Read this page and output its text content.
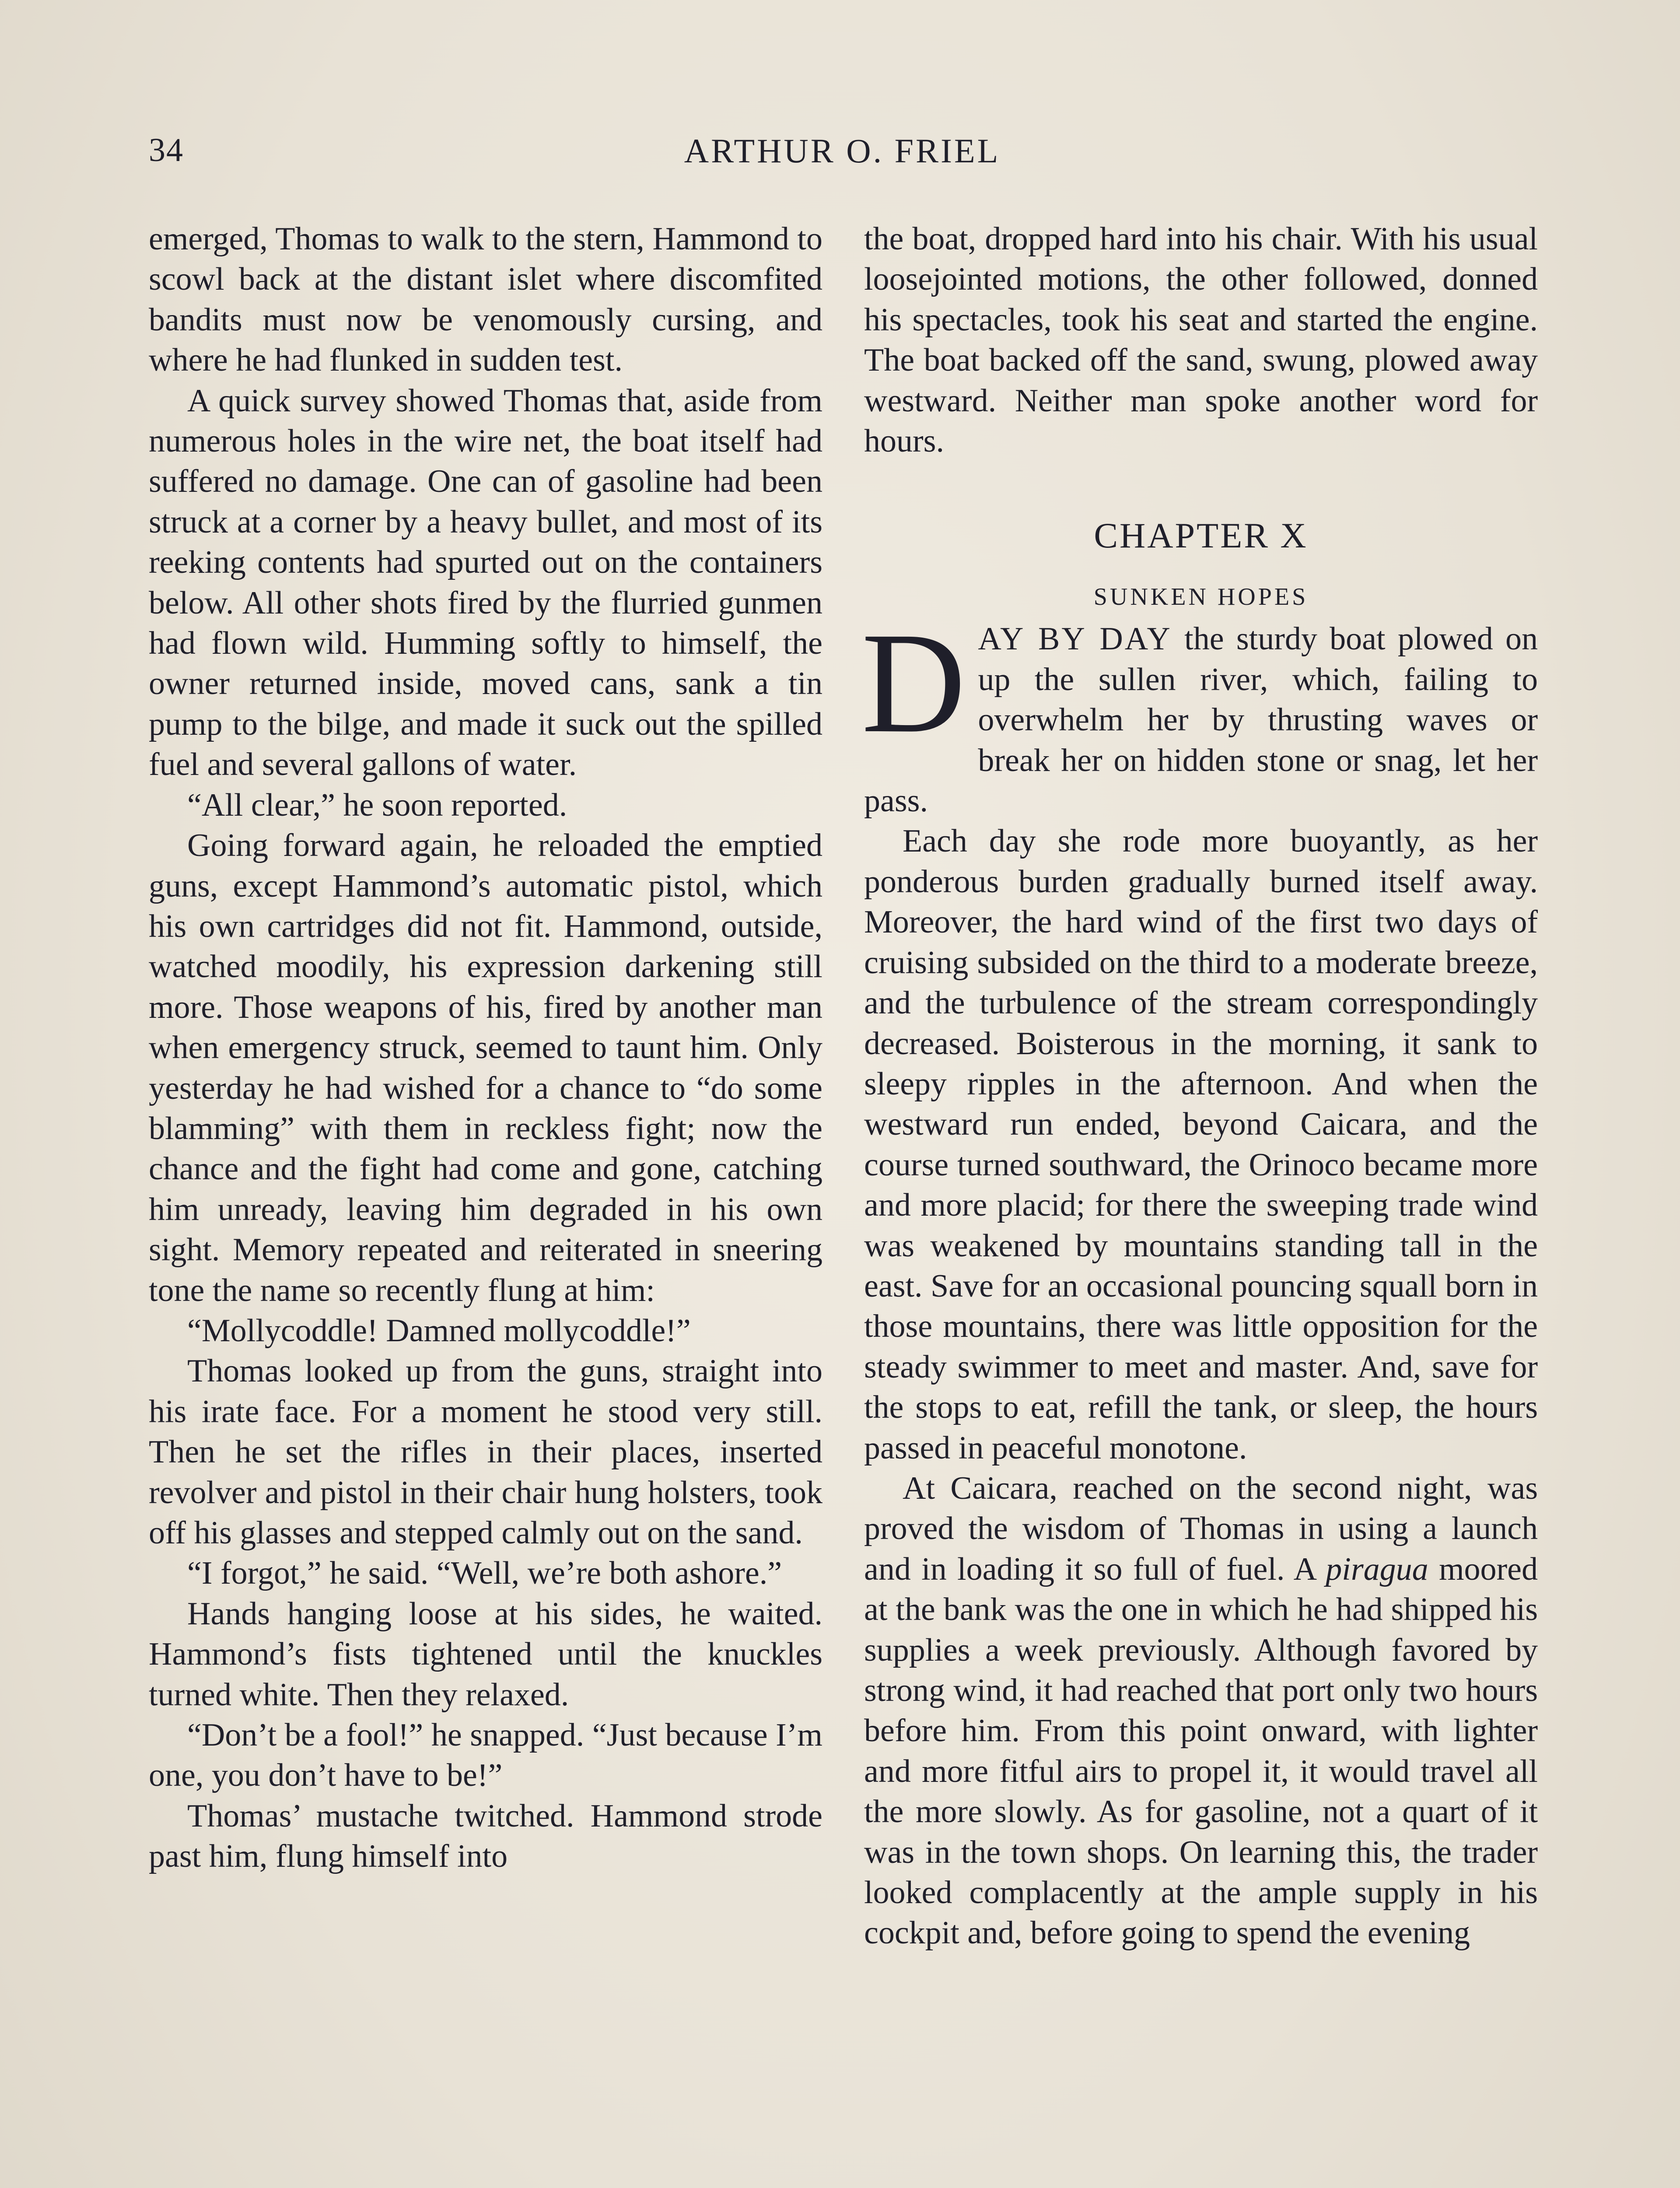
34	ARTHUR O. FRIEL

emerged, Thomas to walk to the stern, Hammond to scowl back at the distant islet where discomfited bandits must now be venomously cursing, and where he had flunked in sudden test.

A quick survey showed Thomas that, aside from numerous holes in the wire net, the boat itself had suffered no damage. One can of gasoline had been struck at a corner by a heavy bullet, and most of its reeking contents had spurted out on the containers below. All other shots fired by the flurried gunmen had flown wild. Humming softly to himself, the owner returned inside, moved cans, sank a tin pump to the bilge, and made it suck out the spilled fuel and several gallons of water.

“All clear,” he soon reported.

Going forward again, he reloaded the emptied guns, except Hammond’s automatic pistol, which his own cartridges did not fit. Hammond, outside, watched moodily, his expression darkening still more. Those weapons of his, fired by another man when emergency struck, seemed to taunt him. Only yesterday he had wished for a chance to “do some blamming” with them in reckless fight; now the chance and the fight had come and gone, catching him unready, leaving him degraded in his own sight. Memory repeated and reiterated in sneering tone the name so recently flung at him:

“Mollycoddle! Damned mollycoddle!”

Thomas looked up from the guns, straight into his irate face. For a moment he stood very still. Then he set the rifles in their places, inserted revolver and pistol in their chair hung holsters, took off his glasses and stepped calmly out on the sand.

“I forgot,” he said. “Well, we’re both ashore.”

Hands hanging loose at his sides, he waited. Hammond’s fists tightened until the knuckles turned white. Then they relaxed.

“Don’t be a fool!” he snapped. “Just because I’m one, you don’t have to be!”

Thomas’ mustache twitched. Hammond strode past him, flung himself into

the boat, dropped hard into his chair. With his usual loosejointed motions, the other followed, donned his spectacles, took his seat and started the engine. The boat backed off the sand, swung, plowed away westward. Neither man spoke another word for hours.

CHAPTER X
SUNKEN HOPES

DAY BY DAY the sturdy boat plowed on up the sullen river, which, failing to overwhelm her by thrusting waves or break her on hidden stone or snag, let her pass.

Each day she rode more buoyantly, as her ponderous burden gradually burned itself away. Moreover, the hard wind of the first two days of cruising subsided on the third to a moderate breeze, and the turbulence of the stream correspondingly decreased. Boisterous in the morning, it sank to sleepy ripples in the afternoon. And when the westward run ended, beyond Caicara, and the course turned southward, the Orinoco became more and more placid; for there the sweeping trade wind was weakened by mountains standing tall in the east. Save for an occasional pouncing squall born in those mountains, there was little opposition for the steady swimmer to meet and master. And, save for the stops to eat, refill the tank, or sleep, the hours passed in peaceful monotone.

At Caicara, reached on the second night, was proved the wisdom of Thomas in using a launch and in loading it so full of fuel. A piragua moored at the bank was the one in which he had shipped his supplies a week previously. Although favored by strong wind, it had reached that port only two hours before him. From this point onward, with lighter and more fitful airs to propel it, it would travel all the more slowly. As for gasoline, not a quart of it was in the town shops. On learning this, the trader looked complacently at the ample supply in his cockpit and, before going to spend the evening
